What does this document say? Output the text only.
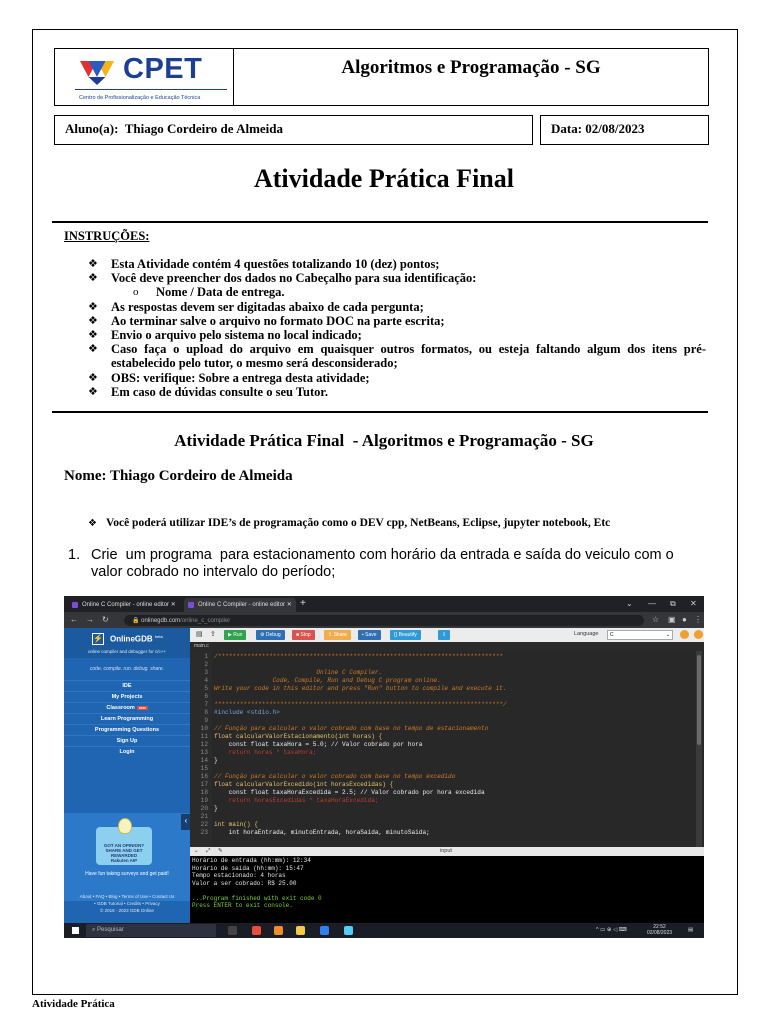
CPET
Centro de Profissionalização e Educação Técnica
Algoritmos e Programação - SG
Aluno(a): Thiago Cordeiro de Almeida	Data: 02/08/2023
Atividade Prática Final
INSTRUÇÕES:
❖ Esta Atividade contém 4 questões totalizando 10 (dez) pontos;
❖ Você deve preencher dos dados no Cabeçalho para sua identificação:
o Nome / Data de entrega.
❖ As respostas devem ser digitadas abaixo de cada pergunta;
❖ Ao terminar salve o arquivo no formato DOC na parte escrita;
❖ Envio o arquivo pelo sistema no local indicado;
❖ Caso faça o upload do arquivo em quaisquer outros formatos, ou esteja faltando algum dos itens pré-estabelecido pelo tutor, o mesmo será desconsiderado;
❖ OBS: verifique: Sobre a entrega desta atividade;
❖ Em caso de dúvidas consulte o seu Tutor.
Atividade Prática Final  - Algoritmos e Programação - SG
Nome: Thiago Cordeiro de Almeida
❖ Você poderá utilizar IDE’s de programação como o DEV cpp, NetBeans, Eclipse, jupyter notebook, Etc
1. Crie  um programa  para estacionamento com horário da entrada e saída do veiculo com o valor cobrado no intervalo do período;
Online C Compiler - online editor ✕	Online C Compiler - online editor ✕ +	⌄ — ⧉ ✕
← → ↻	🔒 onlinegdb.com/online_c_compiler	☆ ▣ ● ⋮
⚡ OnlineGDB $^{beta}$
online compiler and debugger for c/c++
code. compile. run. debug. share.
IDE
My Projects
Classroom new
Learn Programming
Programming Questions
Sign Up
Login
GOT AN OPINION? SHARE AND GET REWARDED
Rakuten AIP
Have fun taking surveys and get paid!
‹
About • FAQ • Blog • Terms of Use • Contact Us
• GDB Tutorial • Credits • Privacy
© 2016 - 2023 GDB Online
▤ ⇪	▶ Run	⚙ Debug	■ Stop	⇧ Share	▪ Save	{} Beautify	⇩	Language	C	⌄
main.c
1 /******************************************************************************
2
3                            Online C Compiler.
4                Code, Compile, Run and Debug C program online.
5 Write your code in this editor and press "Run" button to compile and execute it.
6
7 *******************************************************************************/
8 #include <stdio.h>
9
10 // Função para calcular o valor cobrado com base no tempo de estacionamento
11 float calcularValorEstacionamento(int horas) {
12    const float taxaHora = 5.0; // Valor cobrado por hora
13    return horas * taxaHora;
14 }
15
16 // Função para calcular o valor cobrado com base no tempo excedido
17 float calcularValorExcedido(int horasExcedidas) {
18    const float taxaHoraExcedida = 2.5; // Valor cobrado por hora excedida
19    return horasExcedidas * taxaHoraExcedida;
20 }
21
22 int main() {
23    int horaEntrada, minutoEntrada, horaSaida, minutoSaida;
⌄ ⤢ ✎	input
Horário de entrada (hh:mm): 12:34
Horário de saída (hh:mm): 15:47
Tempo estacionado: 4 horas
Valor a ser cobrado: R$ 25.00
...Program finished with exit code 0
Press ENTER to exit console.
⌕ Pesquisar	^ ▭ ⊕ ◁ ⌨	22:52
02/08/2023	▤
Atividade Prática
